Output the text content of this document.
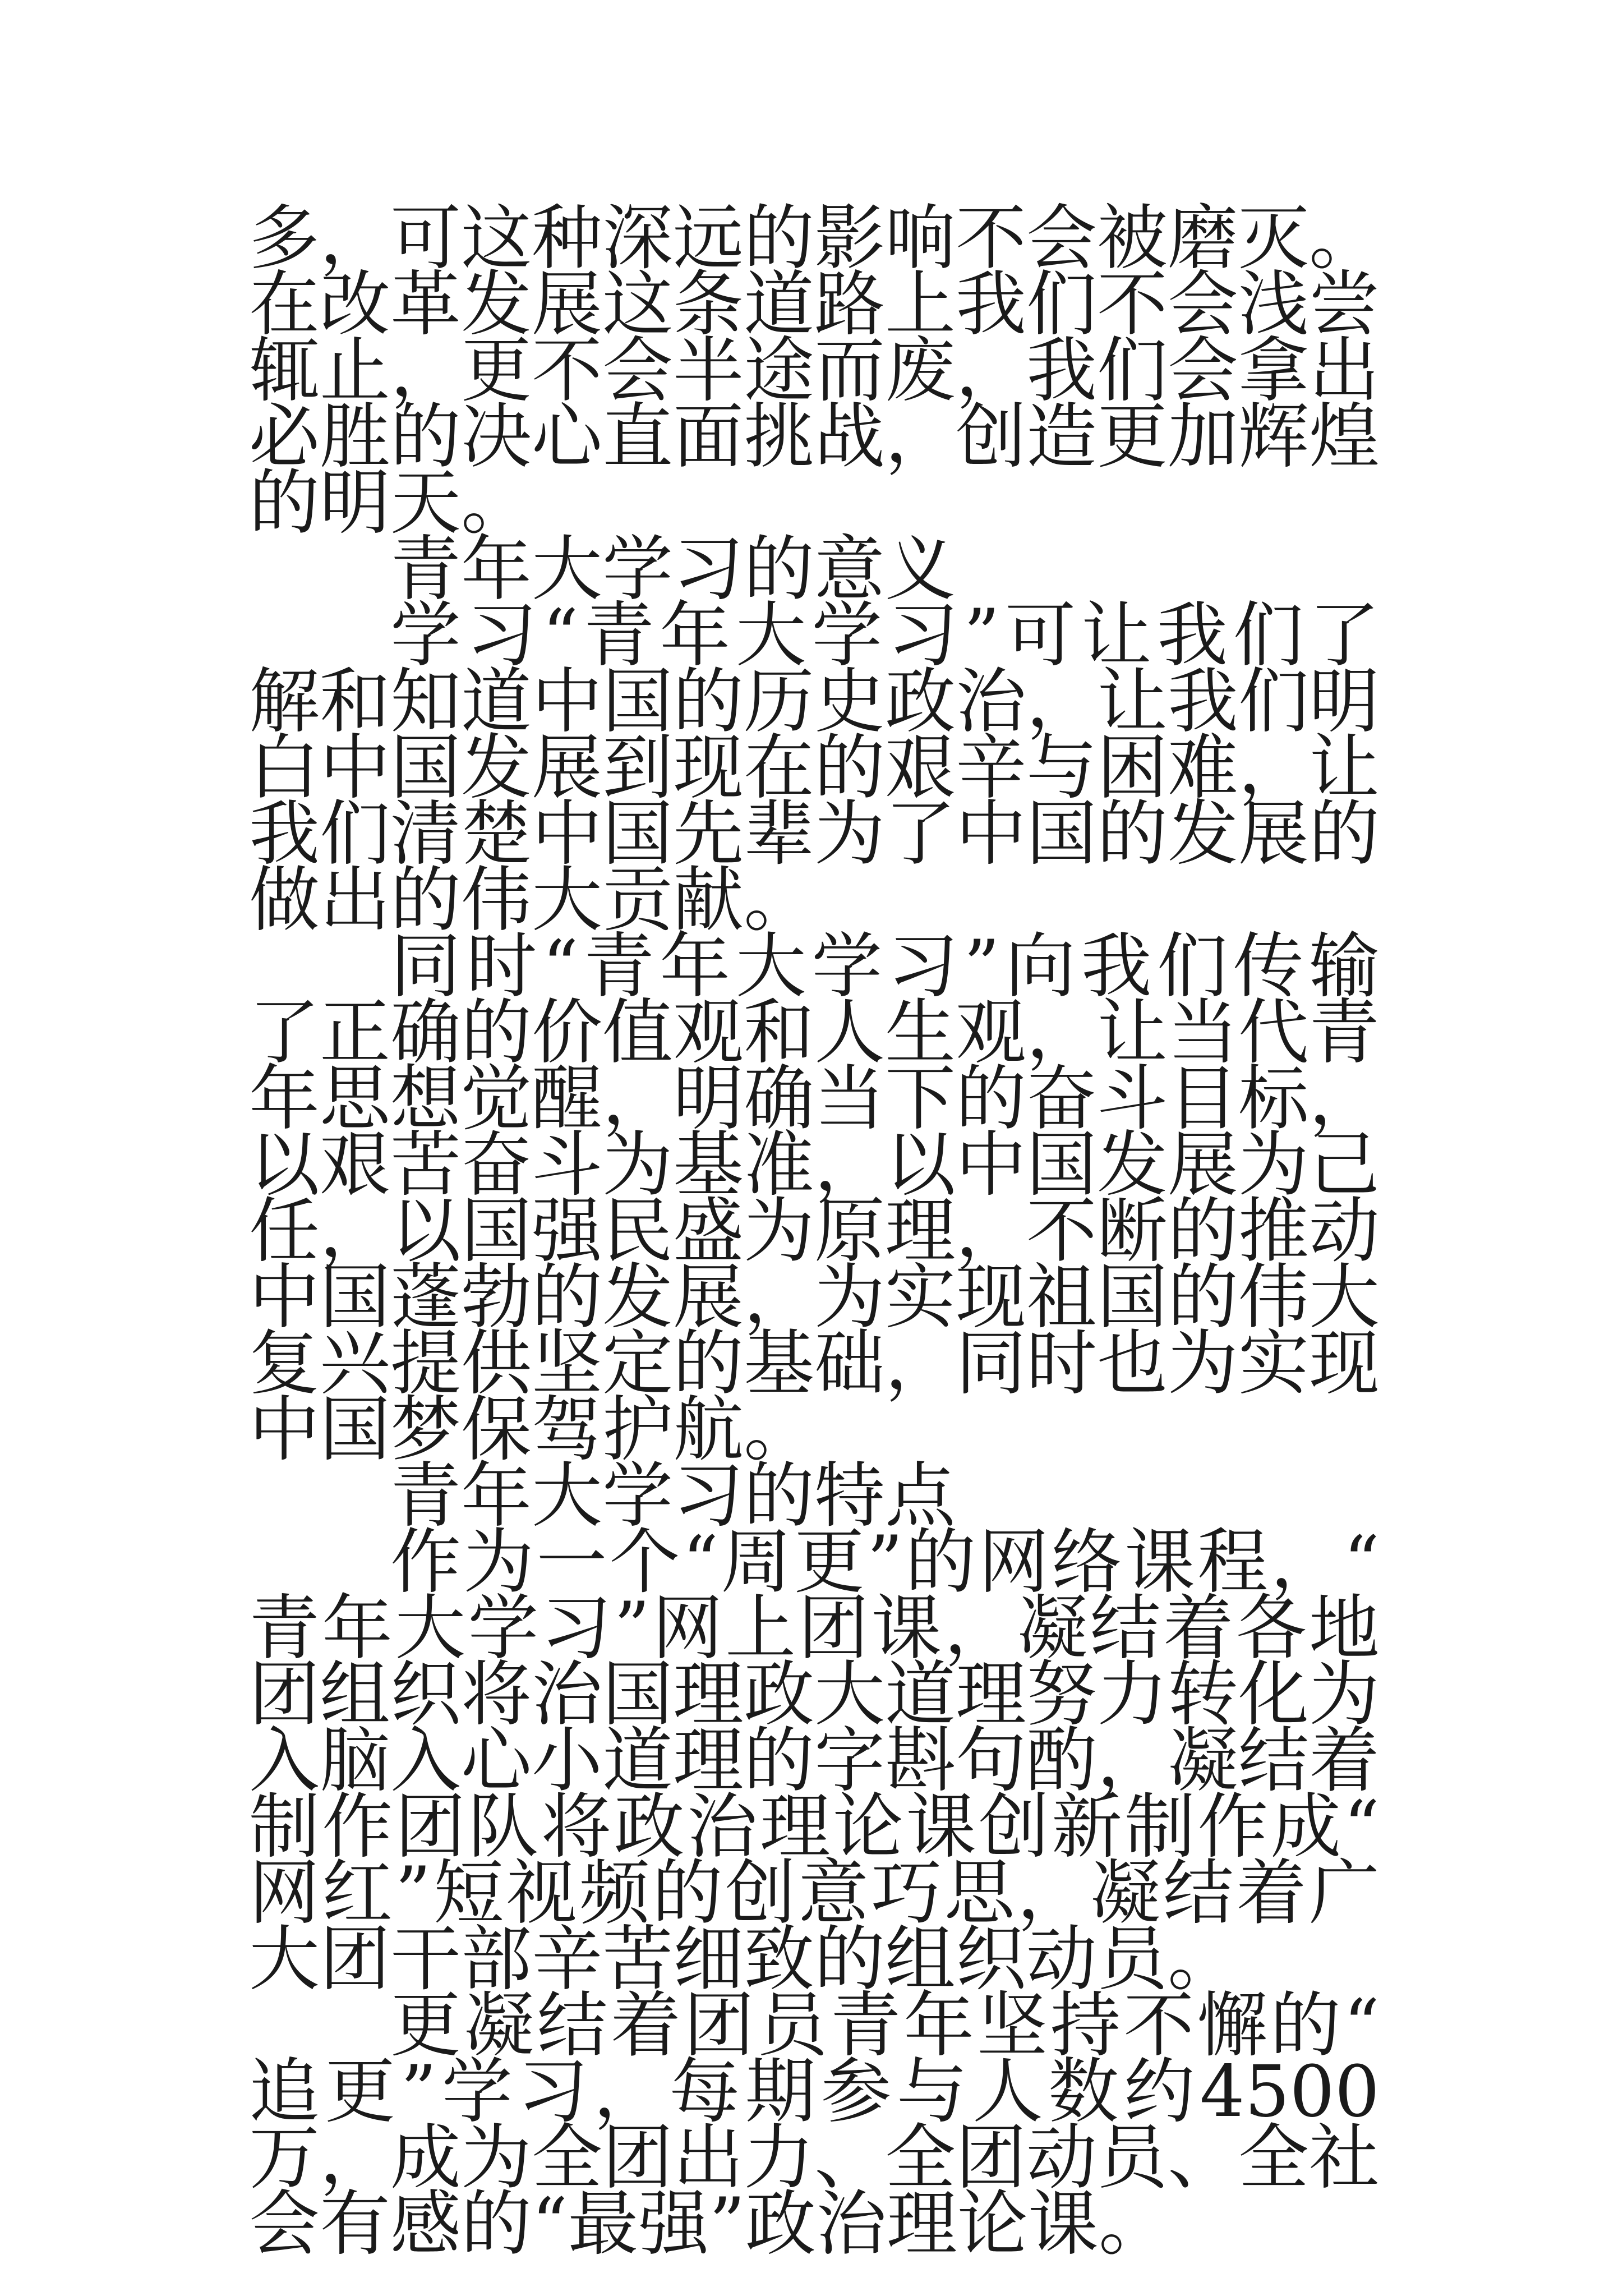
多，可这种深远的影响不会被磨灭。在改革发展这条道路上我们不会浅尝辄止，更不会半途而废，我们会拿出必胜的决心直面挑战，创造更加辉煌的明天。

青年大学习的意义

学习“青年大学习”可让我们了解和知道中国的历史政治，让我们明白中国发展到现在的艰辛与困难，让我们清楚中国先辈为了中国的发展的做出的伟大贡献。

同时“青年大学习”向我们传输了正确的价值观和人生观，让当代青年思想觉醒，明确当下的奋斗目标，以艰苦奋斗为基准，以中国发展为己任，以国强民盛为原理，不断的推动中国蓬勃的发展，为实现祖国的伟大复兴提供坚定的基础，同时也为实现中国梦保驾护航。

青年大学习的特点

作为一个“周更”的网络课程，“青年大学习”网上团课，凝结着各地团组织将治国理政大道理努力转化为入脑入心小道理的字斟句酌，凝结着制作团队将政治理论课创新制作成“网红”短视频的创意巧思，凝结着广大团干部辛苦细致的组织动员。

更凝结着团员青年坚持不懈的“追更”学习，每期参与人数约4500万，成为全团出力、全团动员、全社会有感的“最强”政治理论课。
